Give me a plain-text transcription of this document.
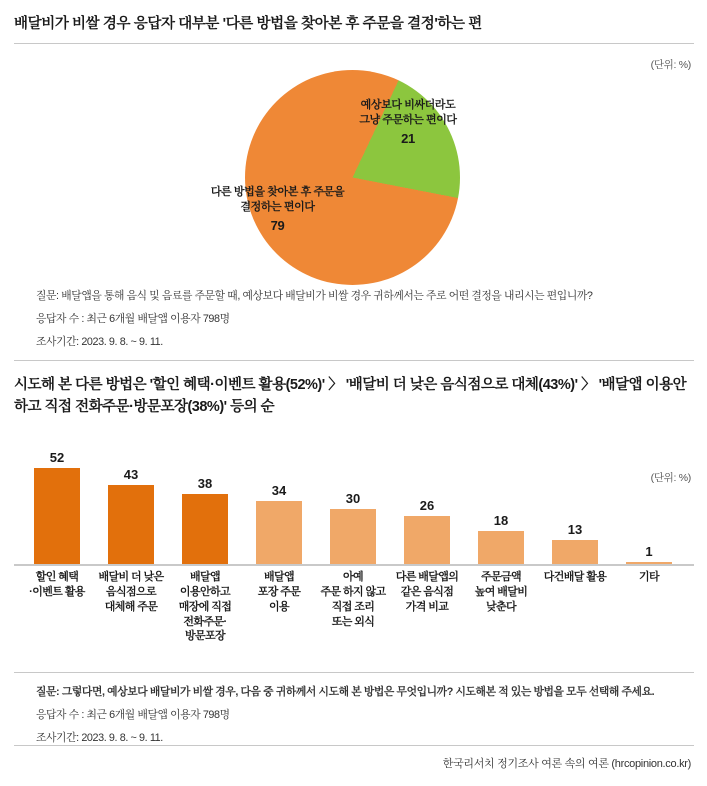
배달비가 비쌀 경우 응답자 대부분 '다른 방법을 찾아본 후 주문을 결정'하는 편
(단위: %)
예상보다 비싸더라도
그냥 주문하는 편이다
21
다른 방법을 찾아본 후 주문을
결정하는 편이다
79
질문: 배달앱을 통해 음식 및 음료를 주문할 때, 예상보다 배달비가 비쌀 경우 귀하께서는 주로 어떤 결정을 내리시는 편입니까?
응답자 수 : 최근 6개월 배달앱 이용자 798명
조사기간: 2023. 9. 8. ~ 9. 11.
시도해 본 다른 방법은 '할인 혜택·이벤트 활용(52%)' 〉 '배달비 더 낮은 음식점으로 대체(43%)' 〉 '배달앱 이용안하고 직접 전화주문·방문포장(38%)' 등의 순
(단위: %)
52
43
38	34
30	26
18
13
1
할인 혜택
·이벤트 활용
배달비 더 낮은
음식점으로
대체해 주문
배달앱
이용안하고
매장에 직접
전화주문·
방문포장
배달앱
포장 주문
이용
아예
주문 하지 않고
직접 조리
또는 외식
다른 배달앱의
같은 음식점
가격 비교
주문금액
높여 배달비
낮춘다
다건배달 활용	기타
질문: 그렇다면, 예상보다 배달비가 비쌀 경우, 다음 중 귀하께서 시도해 본 방법은 무엇입니까? 시도해본 적 있는 방법을 모두 선택해 주세요.
응답자 수 : 최근 6개월 배달앱 이용자 798명
조사기간: 2023. 9. 8. ~ 9. 11.
한국리서치 정기조사 여론 속의 여론 (hrcopinion.co.kr)
